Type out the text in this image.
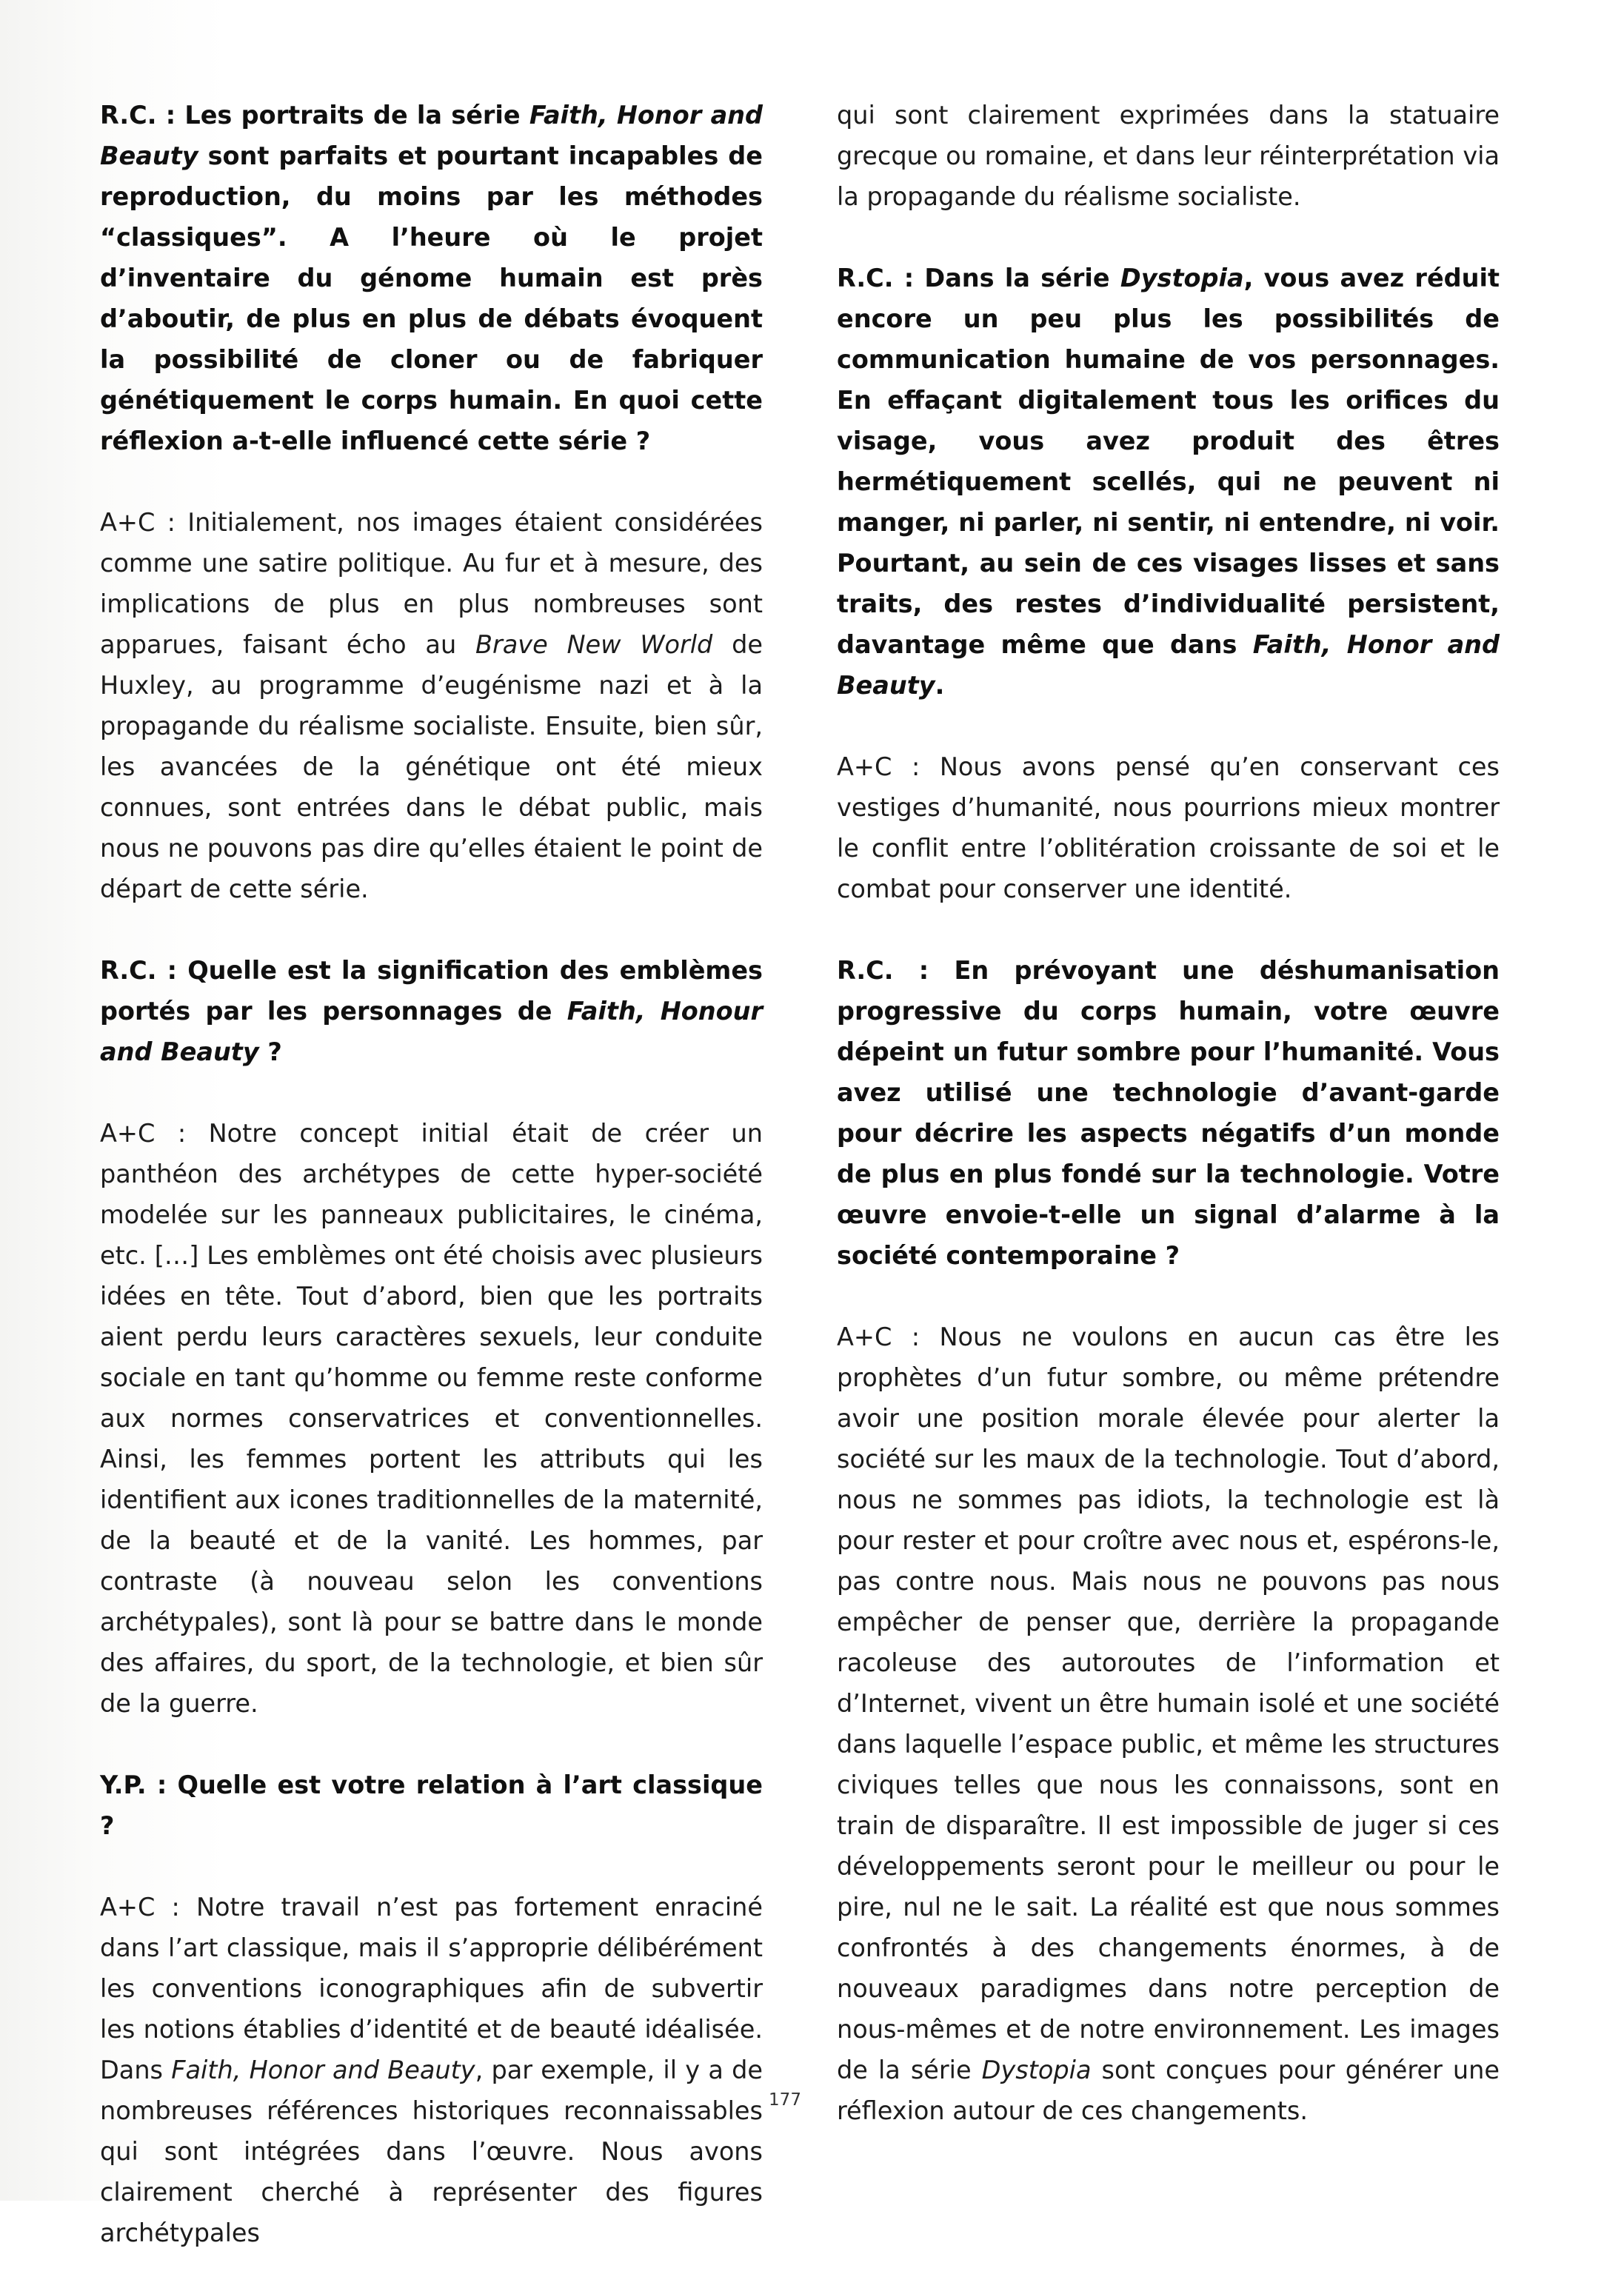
R.C. : Les portraits de la série Faith, Honor and Beauty sont parfaits et pourtant incapables de reproduction, du moins par les méthodes “classiques”. A l’heure où le projet d’inventaire du génome humain est près d’aboutir, de plus en plus de débats évoquent la possibilité de cloner ou de fabriquer génétiquement le corps humain. En quoi cette réflexion a-t-elle influencé cette série ?

A+C : Initialement, nos images étaient considérées comme une satire politique. Au fur et à mesure, des implications de plus en plus nombreuses sont apparues, faisant écho au Brave New World de Huxley, au programme d’eugénisme nazi et à la propagande du réalisme socialiste. Ensuite, bien sûr, les avancées de la génétique ont été mieux connues, sont entrées dans le débat public, mais nous ne pouvons pas dire qu’elles étaient le point de départ de cette série.

R.C. : Quelle est la signification des emblèmes portés par les personnages de Faith, Honour and Beauty ?

A+C : Notre concept initial était de créer un panthéon des archétypes de cette hyper-société modelée sur les panneaux publicitaires, le cinéma, etc. […] Les emblèmes ont été choisis avec plusieurs idées en tête. Tout d’abord, bien que les portraits aient perdu leurs caractères sexuels, leur conduite sociale en tant qu’homme ou femme reste conforme aux normes conservatrices et conventionnelles. Ainsi, les femmes portent les attributs qui les identifient aux icones traditionnelles de la maternité, de la beauté et de la vanité. Les hommes, par contraste (à nouveau selon les conventions archétypales), sont là pour se battre dans le monde des affaires, du sport, de la technologie, et bien sûr de la guerre.

Y.P. : Quelle est votre relation à l’art classique ?

A+C : Notre travail n’est pas fortement enraciné dans l’art classique, mais il s’approprie délibérément les conventions iconographiques afin de subvertir les notions établies d’identité et de beauté idéalisée. Dans Faith, Honor and Beauty, par exemple, il y a de nombreuses références historiques reconnaissables qui sont intégrées dans l’œuvre. Nous avons clairement cherché à représenter des figures archétypales

qui sont clairement exprimées dans la statuaire grecque ou romaine, et dans leur réinterprétation via la propagande du réalisme socialiste.

R.C. : Dans la série Dystopia, vous avez réduit encore un peu plus les possibilités de communication humaine de vos personnages. En effaçant digitalement tous les orifices du visage, vous avez produit des êtres hermétiquement scellés, qui ne peuvent ni manger, ni parler, ni sentir, ni entendre, ni voir. Pourtant, au sein de ces visages lisses et sans traits, des restes d’individualité persistent, davantage même que dans Faith, Honor and Beauty.

A+C : Nous avons pensé qu’en conservant ces vestiges d’humanité, nous pourrions mieux montrer le conflit entre l’oblitération croissante de soi et le combat pour conserver une identité.

R.C. : En prévoyant une déshumanisation progressive du corps humain, votre œuvre dépeint un futur sombre pour l’humanité. Vous avez utilisé une technologie d’avant-garde pour décrire les aspects négatifs d’un monde de plus en plus fondé sur la technologie. Votre œuvre envoie-t-elle un signal d’alarme à la société contemporaine ?

A+C : Nous ne voulons en aucun cas être les prophètes d’un futur sombre, ou même prétendre avoir une position morale élevée pour alerter la société sur les maux de la technologie. Tout d’abord, nous ne sommes pas idiots, la technologie est là pour rester et pour croître avec nous et, espérons-le, pas contre nous. Mais nous ne pouvons pas nous empêcher de penser que, derrière la propagande racoleuse des autoroutes de l’information et d’Internet, vivent un être humain isolé et une société dans laquelle l’espace public, et même les structures civiques telles que nous les connaissons, sont en train de disparaître. Il est impossible de juger si ces développements seront pour le meilleur ou pour le pire, nul ne le sait. La réalité est que nous sommes confrontés à des changements énormes, à de nouveaux paradigmes dans notre perception de nous-mêmes et de notre environnement. Les images de la série Dystopia sont conçues pour générer une réflexion autour de ces changements.

177
